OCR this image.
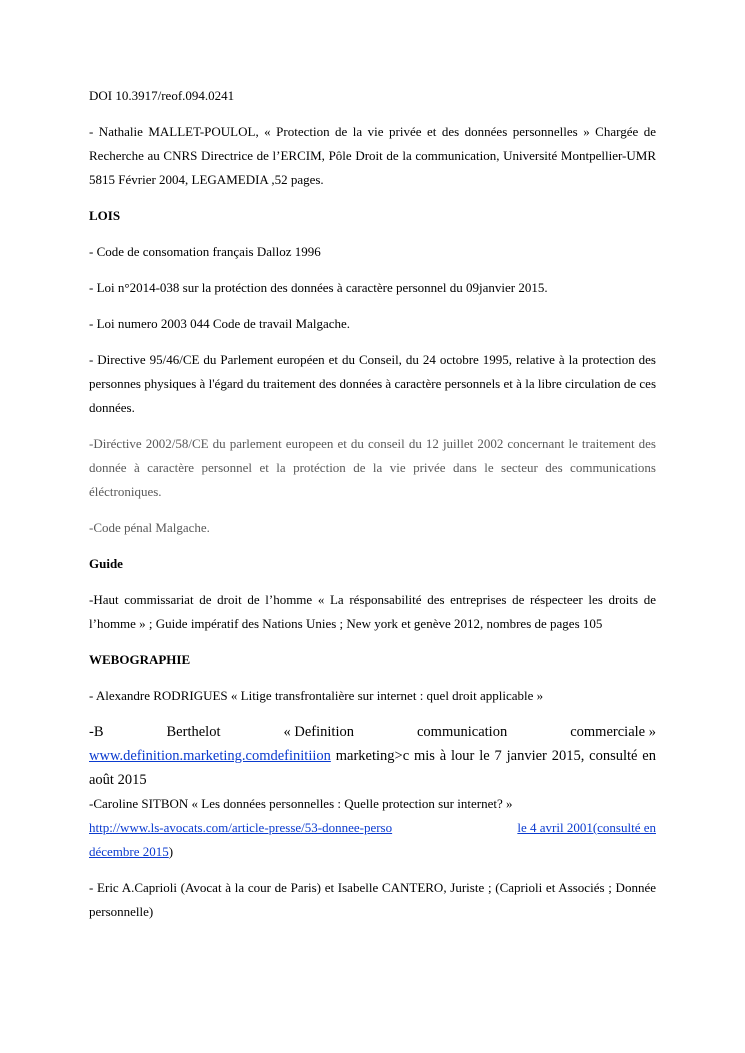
DOI 10.3917/reof.094.0241

- Nathalie MALLET-POULOL, « Protection de la vie privée et des données personnelles » Chargée de Recherche au CNRS Directrice de l’ERCIM, Pôle Droit de la communication, Université Montpellier-UMR 5815 Février 2004, LEGAMEDIA ,52 pages.

LOIS

- Code de consomation français Dalloz 1996

- Loi n°2014-038 sur la protéction des données à caractère personnel du 09janvier 2015.

- Loi numero 2003 044 Code de travail Malgache.

- Directive 95/46/CE du Parlement européen et du Conseil, du 24 octobre 1995, relative à la protection des personnes physiques à l'égard du traitement des données à caractère personnels et à la libre circulation de ces données.

-Diréctive 2002/58/CE du parlement europeen et du conseil du 12 juillet 2002 concernant le traitement des donnée à caractère personnel et la protéction de la vie privée dans le secteur des communications éléctroniques.

-Code pénal Malgache.

Guide

-Haut commissariat de droit de l’homme « La résponsabilité des entreprises de réspecteer les droits de l’homme » ; Guide impératif des Nations Unies ; New york et genève 2012, nombres de pages 105

WEBOGRAPHIE

- Alexandre RODRIGUES « Litige transfrontalière sur internet : quel droit applicable »

-B	Berthelot	« Definition	communication	commerciale »
www.definition.marketing.comdefinitiion marketing>c mis à lour le 7 janvier 2015, consulté en août 2015
-Caroline SITBON « Les données personnelles : Quelle protection sur internet? »
http://www.ls-avocats.com/article-presse/53-donnee-perso	le 4 avril 2001(consulté en
décembre 2015)

- Eric A.Caprioli (Avocat à la cour de Paris) et Isabelle CANTERO, Juriste ; (Caprioli et Associés ; Donnée personnelle)
